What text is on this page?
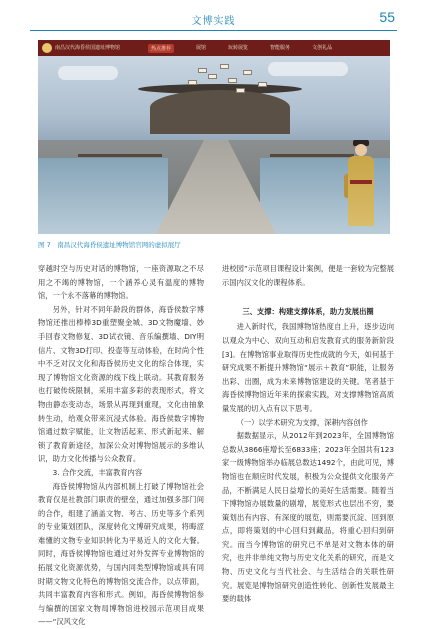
文博实践	55
南昌汉代海昏侯国遗址博物馆	热点推荐	展馆	玩转展览	智能服务	文创礼品
图 7　南昌汉代海昏侯遗址博物馆官网的虚拟展厅

穿越时空与历史对话的博物馆，一座资源取之不尽用之不竭的博物馆，一个涵养心灵有温度的博物馆，一个永不落幕的博物馆。

另外，针对不同年龄段的群体，海昏侯数字博物馆还推出棒棒3D重塑聚金城、3D文物魔墙、妙手回春文物修复、3D试衣镜、音乐编撰墙、DIY明信片、文物3D打印、投壶等互动体验，在时尚个性中不乏对汉文化和海昏侯历史文化的综合体现，实现了博物馆文化资源的线下线上联动。其教育服务也打破传统限制，采用丰富多彩的表现形式，将文物由静态变动态，场景从再现到重现，文化由抽象转生动，给观众带来沉浸式体验。海昏侯数字博物馆通过数字赋能，让文物活起来、形式新起来、解锁了教育新途径，加深公众对博物馆展示的多维认识，助力文化传播与公众教育。

3. 合作交流，丰富教育内容

海昏侯博物馆从内部机制上打破了博物馆社会教育仅是社教部门职责的壁垒，通过加强多部门间的合作，组建了涵盖文物、考古、历史等多个系列的专业策划团队，深度转化文博研究成果，将晦涩难懂的文物专业知识转化为平易近人的文化大餐。同时，海昏侯博物馆也通过对外发挥专业博物馆的拓展文化资源优势，与国内同类型博物馆或具有同时期文物文化特色的博物馆交流合作，以点带面，共同丰富教育内容和形式。例如，海昏侯博物馆参与编撰的国家文物局博物馆进校园示范项目成果——“汉风文化

进校园”示范项目课程设计案例，便是一套较为完整展示国内汉文化的课程体系。

三、支撑：构建支撑体系，助力发展出圈

进入新时代，我国博物馆热度自上升，逐步迈向以观众为中心、双向互动和启发教育式的服务新阶段[3]。在博物馆事业取得历史性成就的今天，如何基于研究成果不断提升博物馆“展示＋教育”职能，让服务出彩、出圈，成为未来博物馆建设的关键。笔者基于海昏侯博物馆近年来的探索实践，对支撑博物馆高质量发展的切入点有以下思考。

（一）以学术研究为支撑，深耕内容创作

据数据显示，从2012年到2023年，全国博物馆总数从3866座增长至6833座；2023年全国共有123家一级博物馆举办临展总数达1492个，由此可见，博物馆也在顺应时代发展，积极为公众提供文化服务产品，不断满足人民日益增长的美好生活需要。随着当下博物馆办展数量的剧增，展览形式也层出不穷，要策划出有内容、有深度的展览，则需要沉淀、回到原点，即将策划的中心回归到藏品，将重心回归到研究。而当今博物馆的研究已不单是对文物本体的研究，也并非单纯文物与历史文化关系的研究，而是文物、历史文化与当代社会、与生活结合的关联性研究。展览是博物馆研究创造性转化、创新性发展最主要的载体
